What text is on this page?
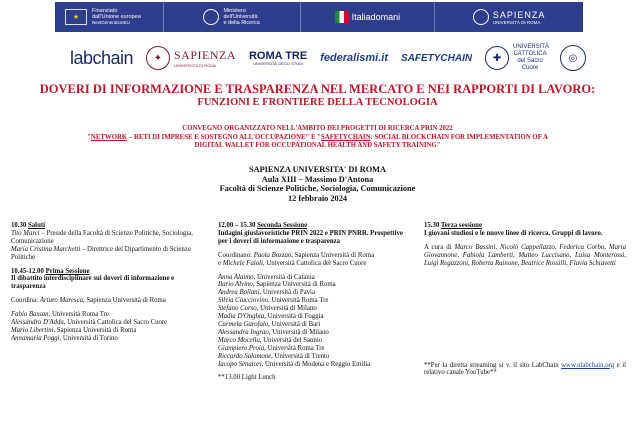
★
Finanziato
dall'Unione europea
NextGenerationEU
Ministero
dell'Università
e della Ricerca
Italiadomani	SAPIENZA
UNIVERSITÀ DI ROMA
labchain	✦ SAPIENZA
UNIVERSITÀ DI ROMA
ROMA TRE
UNIVERSITÀ DEGLI STUDI	federalismi.it SAFETYCHAIN	✚
UNIVERSITÀ CATTOLICA del Sacro Cuore
◎
DOVERI DI INFORMAZIONE E TRASPARENZA NEL MERCATO E NEI RAPPORTI DI LAVORO:
FUNZIONI E FRONTIERE DELLA TECNOLOGIA
CONVEGNO ORGANIZZATO NELL'AMBITO DEI PROGETTI DI RICERCA PRIN 2022
"NETWORK – RETI DI IMPRESE E SOSTEGNO ALL'OCCUPAZIONE" E "SAFETYCHAIN: SOCIAL BLOCKCHAIN FOR IMPLEMENTATION OF A
DIGITAL WALLET FOR OCCUPATIONAL HEALTH AND SAFETY TRAINING"
SAPIENZA UNIVERSITA' DI ROMA
Aula XIII – Massimo D'Antona
Facoltà di Scienze Politiche, Sociologia, Comunicazione
12 febbraio 2024
10.30 Saluti
Tito Marci – Preside della Facoltà di Scienze Politiche, Sociologia, Comunicazione
Maria Cristina Marchetti – Direttrice del Dipartimento di Scienze Politiche
10.45-12.00 Prima Sessione
Il dibattito interdisciplinare sui doveri di informazione e trasparenza
Coordina: Arturo Maresca, Sapienza Università di Roma
Fabio Bassan, Università Roma Tre
Alessandro D'Adda, Università Cattolica del Sacro Cuore
Mario Libertini, Sapienza Università di Roma
Annamaria Poggi, Università di Torino
12.00 – 15.30 Seconda Sessione
Indagini giuslavoristiche PRIN 2022 e PRIN PNRR. Prospettive per i doveri di informazione e trasparenza
Coordinano: Paola Bozzao, Sapienza Università di Roma
e Michele Faioli, Università Cattolica del Sacro Cuore
Anna Alaimo, Università di Catania
Ilario Alvino, Sapienza Università di Roma
Andrea Bollani, Università di Pavia
Silvia Ciucciovino, Università Roma Tre
Stefano Corso, Università di Milano
Madia D'Onghia, Università di Foggia
Carmela Garofalo, Università di Bari
Alessandra Ingrao, Università di Milano
Marco Mocella, Università del Sannio
Giampiero Proia, Università Roma Tre
Riccardo Salomone, Università di Trento
Iacopo Senatori, Università di Modena e Reggio Emilia
**13.00 Light Lunch
15.30 Terza sessione
I giovani studiosi e le nuove linee di ricerca. Gruppi di lavoro.
A cura di Marco Bassini, Nicolò Cappellazzo, Federica Corbo, Maria Giovannone, Fabiola Lamberti, Matteo Luccisano, Luisa Monterossi, Luigi Regazzoni, Roberta Rainone, Beatrice Rossilli, Flavia Schiavetti
**Per la diretta streaming si v. il sito LabChain www.ulabchain.org e il relativo canale YouTube**
